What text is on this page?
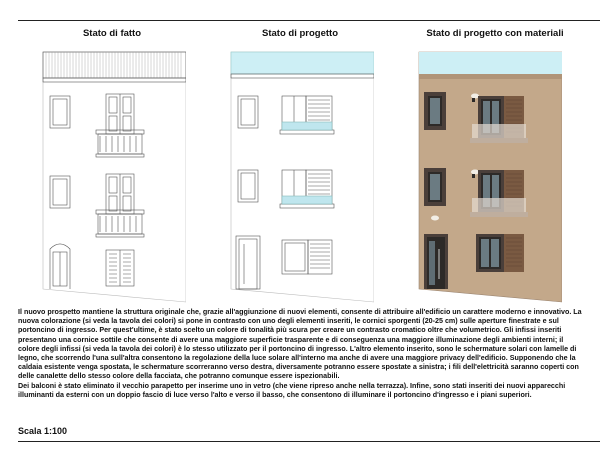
Stato di fatto	Stato di progetto	Stato di progetto con materiali

Il nuovo prospetto mantiene la struttura originale che, grazie all'aggiunzione di nuovi elementi, consente di attribuire all'edificio un carattere moderno e innovativo. La nuova colorazione (si veda la tavola dei colori) si pone in contrasto con uno degli elementi inseriti, le cornici sporgenti (20-25 cm) sulle aperture finestrate e sul portoncino di ingresso. Per quest'ultime, è stato scelto un colore di tonalità più scura per creare un contrasto cromatico oltre che volumetrico. Gli infissi inseriti presentano una cornice sottile che consente di avere una maggiore superficie trasparente e di conseguenza una maggiore illuminazione degli ambienti interni; il colore degli infissi (si veda la tavola dei colori) è lo stesso utilizzato per il portoncino di ingresso. L'altro elemento inserito, sono le schermature solari con lamelle di legno, che scorrendo l'una sull'altra consentono la regolazione della luce solare all'interno ma anche di avere una maggiore privacy dell'edificio. Supponendo che la caldaia esistente venga spostata, le schermature scorreranno verso destra, diversamente potranno essere spostate a sinistra; i fili dell'elettricità saranno coperti con delle canalette dello stesso colore della facciata, che potranno comunque essere ispezionabili.

Dei balconi è stato eliminato il vecchio parapetto per inserime uno in vetro (che viene ripreso anche nella terrazza). Infine, sono stati inseriti dei nuovi apparecchi illuminanti da esterni con un doppio fascio di luce verso l'alto e verso il basso, che consentono di illuminare il portoncino d'ingresso e i piani superiori.

Scala 1:100
